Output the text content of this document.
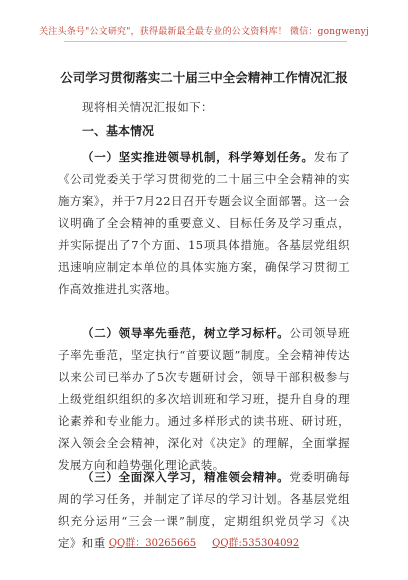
关注头条号"公文研究"，获得最新最全最专业的公文资料库！ 微信：gongwenyj
公司学习贯彻落实二十届三中全会精神工作情况汇报
现将相关情况汇报如下：
一、基本情况
（一）坚实推进领导机制，科学筹划任务。发布了《公司党委关于学习贯彻党的二十届三中全会精神的实施方案》，并于7月22日召开专题会议全面部署。这一会议明确了全会精神的重要意义、目标任务及学习重点，并实际提出了7个方面、15项具体措施。各基层党组织迅速响应制定本单位的具体实施方案，确保学习贯彻工作高效推进扎实落地。
（二）领导率先垂范，树立学习标杆。公司领导班子率先垂范，坚定执行“首要议题”制度。全会精神传达以来公司已举办了5次专题研讨会，领导干部积极参与上级党组织组织的多次培训班和学习班，提升自身的理论素养和专业能力。通过多样形式的读书班、研讨班，深入领会全会精神，深化对《决定》的理解，全面掌握发展方向和趋势强化理论武装。
（三）全面深入学习，精准领会精神。党委明确每周的学习任务，并制定了详尽的学习计划。各基层党组织充分运用“三会一课”制度，定期组织党员学习《决定》和重 QQ群：30265665 QQ群:535304092
